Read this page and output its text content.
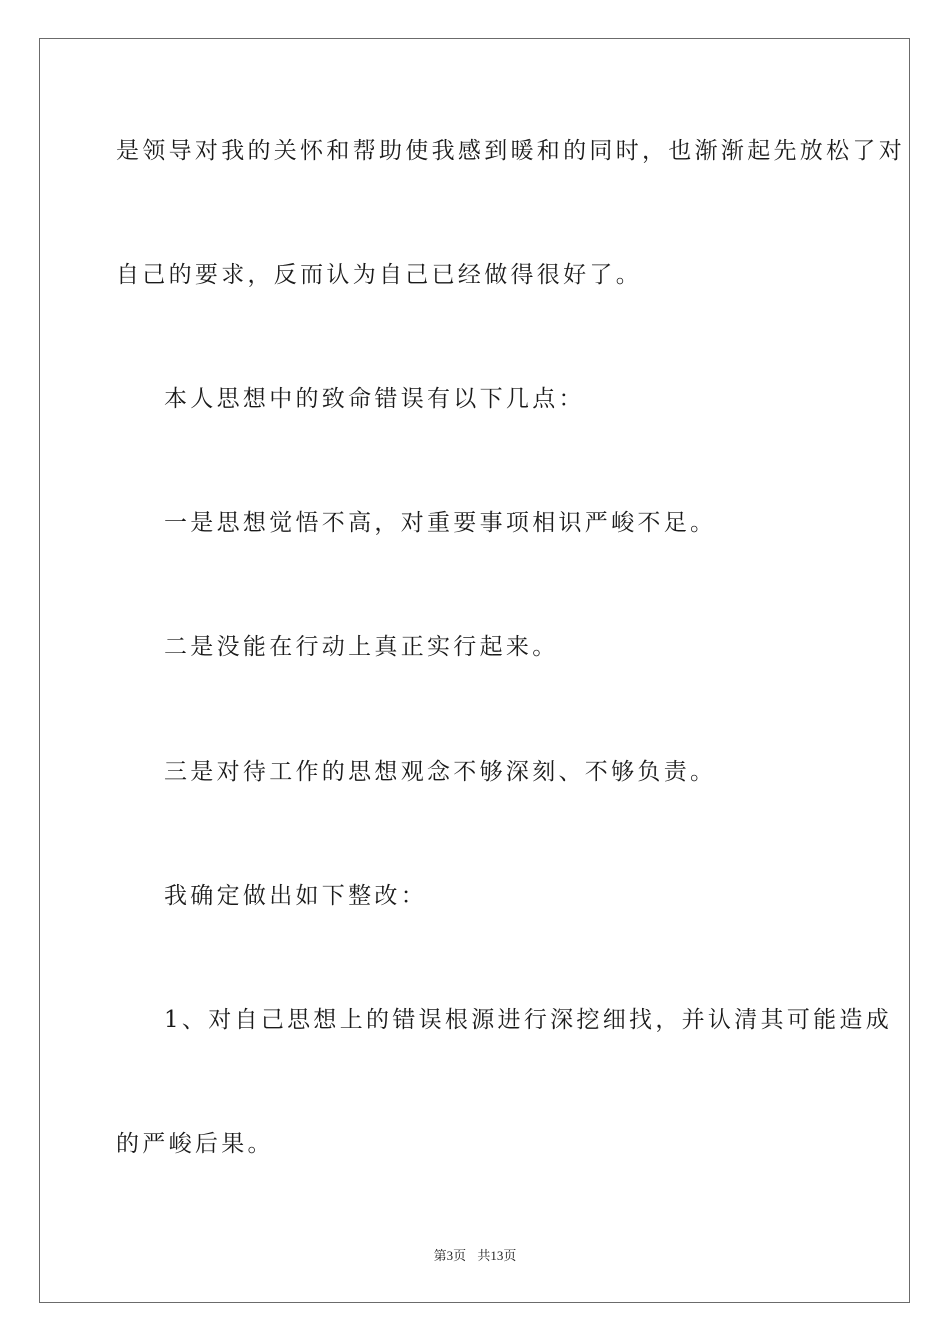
是领导对我的关怀和帮助使我感到暖和的同时，也渐渐起先放松了对
自己的要求，反而认为自己已经做得很好了。
本人思想中的致命错误有以下几点：
一是思想觉悟不高，对重要事项相识严峻不足。
二是没能在行动上真正实行起来。
三是对待工作的思想观念不够深刻、不够负责。
我确定做出如下整改：
1、对自己思想上的错误根源进行深挖细找，并认清其可能造成
的严峻后果。
第3页 共13页
